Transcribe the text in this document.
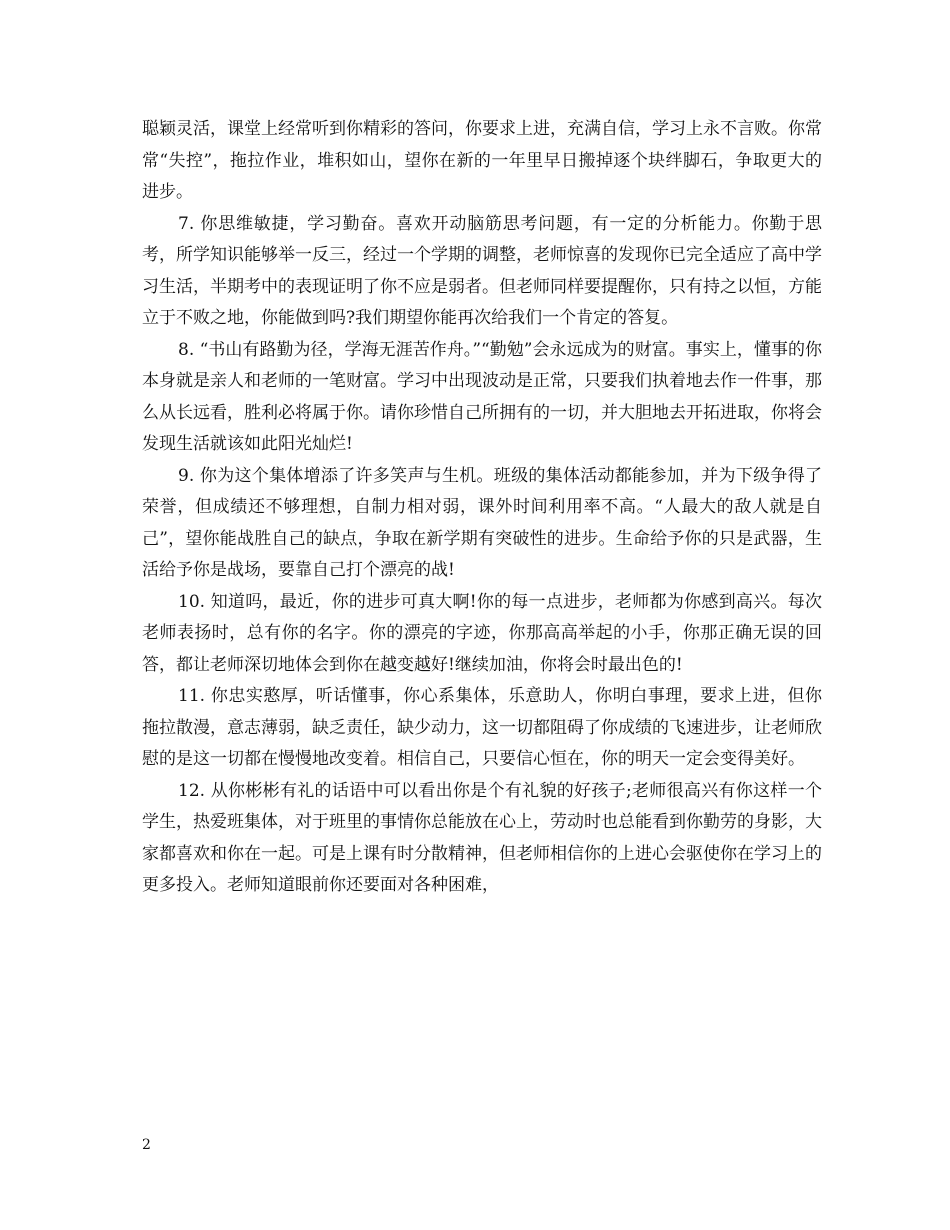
聪颖灵活，课堂上经常听到你精彩的答问，你要求上进，充满自信，学习上永不言败。你常常“失控”，拖拉作业，堆积如山，望你在新的一年里早日搬掉逐个块绊脚石，争取更大的进步。

7. 你思维敏捷，学习勤奋。喜欢开动脑筋思考问题，有一定的分析能力。你勤于思考，所学知识能够举一反三，经过一个学期的调整，老师惊喜的发现你已完全适应了高中学习生活，半期考中的表现证明了你不应是弱者。但老师同样要提醒你，只有持之以恒，方能立于不败之地，你能做到吗?我们期望你能再次给我们一个肯定的答复。

8. “书山有路勤为径，学海无涯苦作舟。”“勤勉”会永远成为的财富。事实上，懂事的你本身就是亲人和老师的一笔财富。学习中出现波动是正常，只要我们执着地去作一件事，那么从长远看，胜利必将属于你。请你珍惜自己所拥有的一切，并大胆地去开拓进取，你将会发现生活就该如此阳光灿烂!

9. 你为这个集体增添了许多笑声与生机。班级的集体活动都能参加，并为下级争得了荣誉，但成绩还不够理想，自制力相对弱，课外时间利用率不高。“人最大的敌人就是自己”，望你能战胜自己的缺点，争取在新学期有突破性的进步。生命给予你的只是武器，生活给予你是战场，要靠自己打个漂亮的战!

10. 知道吗，最近，你的进步可真大啊!你的每一点进步，老师都为你感到高兴。每次老师表扬时，总有你的名字。你的漂亮的字迹，你那高高举起的小手，你那正确无误的回答，都让老师深切地体会到你在越变越好!继续加油，你将会时最出色的!

11. 你忠实憨厚，听话懂事，你心系集体，乐意助人，你明白事理，要求上进，但你拖拉散漫，意志薄弱，缺乏责任，缺少动力，这一切都阻碍了你成绩的飞速进步，让老师欣慰的是这一切都在慢慢地改变着。相信自己，只要信心恒在，你的明天一定会变得美好。

12. 从你彬彬有礼的话语中可以看出你是个有礼貌的好孩子;老师很高兴有你这样一个学生，热爱班集体，对于班里的事情你总能放在心上，劳动时也总能看到你勤劳的身影，大家都喜欢和你在一起。可是上课有时分散精神，但老师相信你的上进心会驱使你在学习上的更多投入。老师知道眼前你还要面对各种困难，

2
